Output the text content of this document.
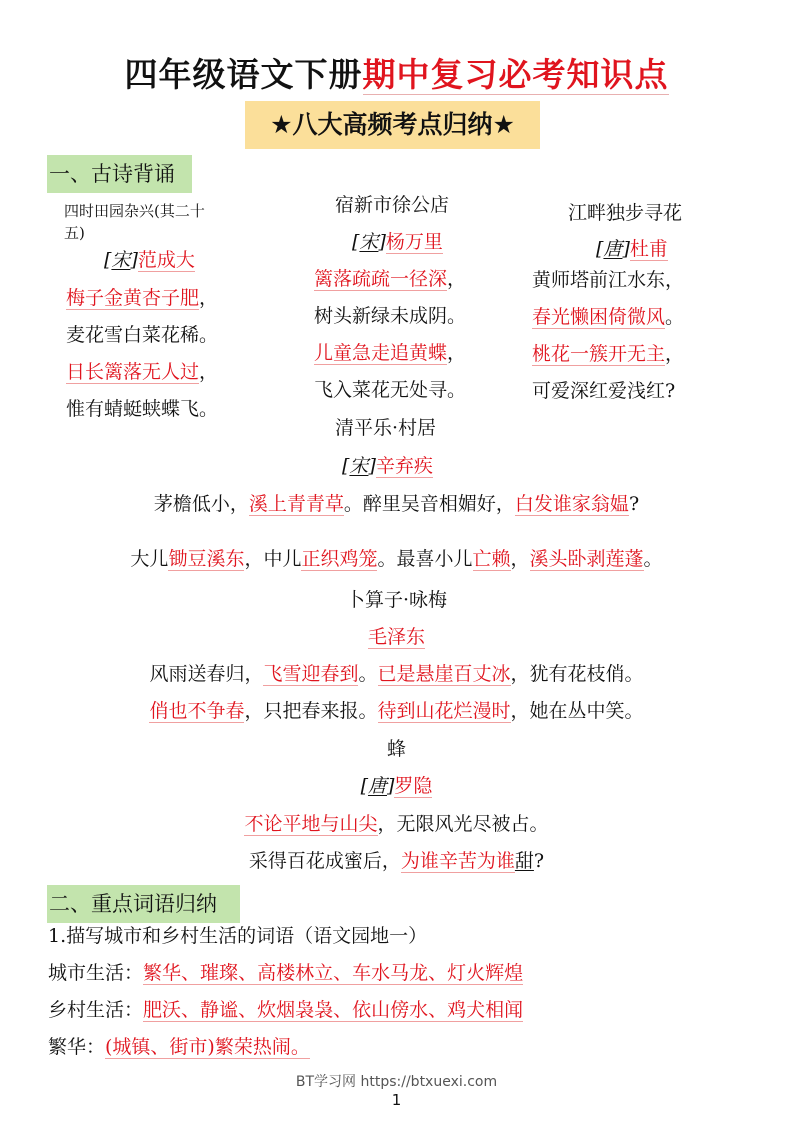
四年级语文下册期中复习必考知识点
★八大高频考点归纳★
一、古诗背诵
四时田园杂兴(其二十
五)
[宋]范成大
梅子金黄杏子肥，
麦花雪白菜花稀。
日长篱落无人过，
惟有蜻蜓蛱蝶飞。
宿新市徐公店
[宋]杨万里
篱落疏疏一径深，
树头新绿未成阴。
儿童急走追黄蝶，
飞入菜花无处寻。
江畔独步寻花
[唐]杜甫
黄师塔前江水东，
春光懒困倚微风。
桃花一簇开无主，
可爱深红爱浅红?
清平乐·村居
[宋]辛弃疾
茅檐低小，溪上青青草。醉里吴音相媚好，白发谁家翁媪?
大儿锄豆溪东，中儿正织鸡笼。最喜小儿亡赖，溪头卧剥莲蓬。
卜算子·咏梅
毛泽东
风雨送春归，飞雪迎春到。已是悬崖百丈冰，犹有花枝俏。
俏也不争春，只把春来报。待到山花烂漫时，她在丛中笑。
蜂
[唐]罗隐
不论平地与山尖，无限风光尽被占。
采得百花成蜜后，为谁辛苦为谁甜?
二、重点词语归纳
1.描写城市和乡村生活的词语（语文园地一）
城市生活：繁华、璀璨、高楼林立、车水马龙、灯火辉煌
乡村生活：肥沃、静谧、炊烟袅袅、依山傍水、鸡犬相闻
繁华：(城镇、街市)繁荣热闹。
BT学习网 https://btxuexi.com
1
